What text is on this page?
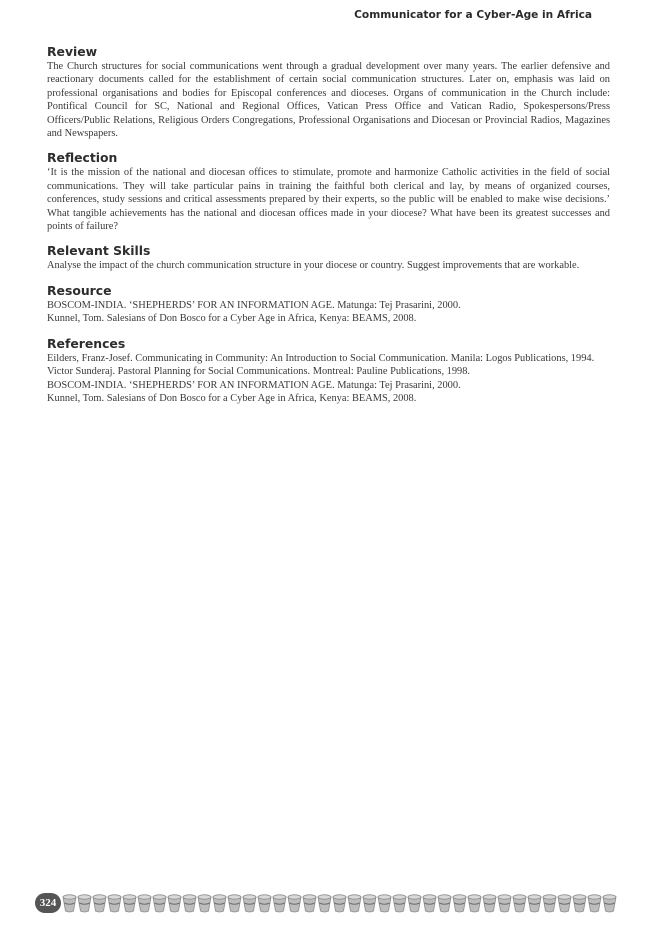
Communicator for a Cyber-Age in Africa
Review

The Church structures for social communications went through a gradual development over many years. The earlier defensive and reactionary documents called for the establishment of certain social communication structures. Later on, emphasis was laid on professional organisations and bodies for Episcopal conferences and dioceses. Organs of communication in the Church include: Pontifical Council for SC, National and Regional Offices, Vatican Press Office and Vatican Radio, Spokespersons/Press Officers/Public Relations, Religious Orders Congregations, Professional Organisations and Diocesan or Provincial Radios, Magazines and Newspapers.

Reflection

‘It is the mission of the national and diocesan offices to stimulate, promote and harmonize Catholic activities in the field of social communications. They will take particular pains in training the faithful both clerical and lay, by means of organized courses, conferences, study sessions and critical assessments prepared by their experts, so the public will be enabled to make wise decisions.’ What tangible achievements has the national and diocesan offices made in your diocese? What have been its greatest successes and points of failure?

Relevant Skills

Analyse the impact of the church communication structure in your diocese or country. Suggest improvements that are workable.

Resource

BOSCOM-INDIA. ‘SHEPHERDS’ FOR AN INFORMATION AGE. Matunga: Tej Prasarini, 2000.

Kunnel, Tom. Salesians of Don Bosco for a Cyber Age in Africa, Kenya: BEAMS, 2008.

References

Eilders, Franz-Josef. Communicating in Community: An Introduction to Social Communication. Manila: Logos Publications, 1994.

Victor Sunderaj. Pastoral Planning for Social Communications. Montreal: Pauline Publications, 1998.

BOSCOM-INDIA. ‘SHEPHERDS’ FOR AN INFORMATION AGE. Matunga: Tej Prasarini, 2000.

Kunnel, Tom. Salesians of Don Bosco for a Cyber Age in Africa, Kenya: BEAMS, 2008.

324
